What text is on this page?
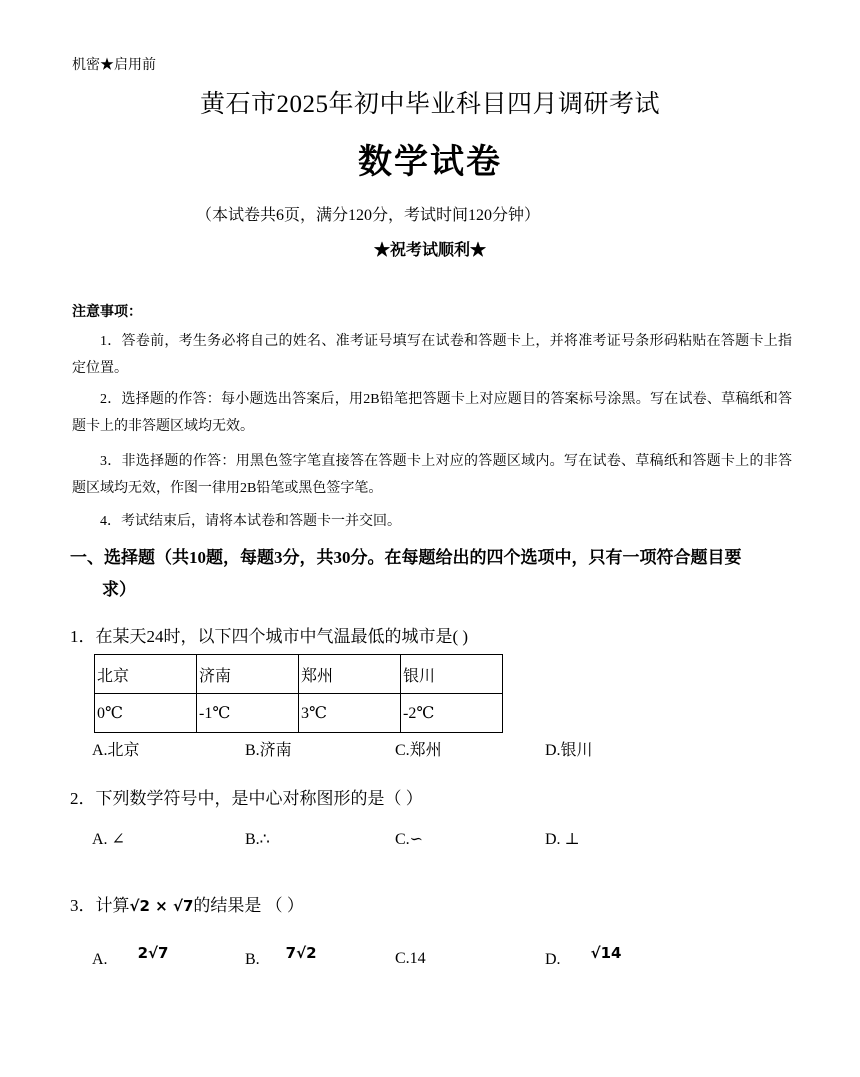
机密★启用前
黄石市2025年初中毕业科目四月调研考试
数学试卷
（本试卷共6页，满分120分，考试时间120分钟）
★祝考试顺利★
注意事项：
1．答卷前，考生务必将自己的姓名、准考证号填写在试卷和答题卡上，并将准考证号条形码粘贴在答题卡上指定位置。
2．选择题的作答：每小题选出答案后，用2B铅笔把答题卡上对应题目的答案标号涂黑。写在试卷、草稿纸和答题卡上的非答题区域均无效。
3．非选择题的作答：用黑色签字笔直接答在答题卡上对应的答题区域内。写在试卷、草稿纸和答题卡上的非答题区域均无效，作图一律用2B铅笔或黑色签字笔。
4．考试结束后，请将本试卷和答题卡一并交回。
一、选择题（共10题，每题3分，共30分。在每题给出的四个选项中，只有一项符合题目要
求）
1．在某天24时，以下四个城市中气温最低的城市是( )
北京	济南	郑州	银川
0℃	-1℃	3℃	-2℃
A.北京	B.济南	C.郑州	D.银川
2．下列数学符号中，是中心对称图形的是（ ）
A. ∠	B.∴	C.∽	D. ⊥
3．计算√2 × √7的结果是 （ ）
A. 2√7	B. 7√2	C.14	D. √14
